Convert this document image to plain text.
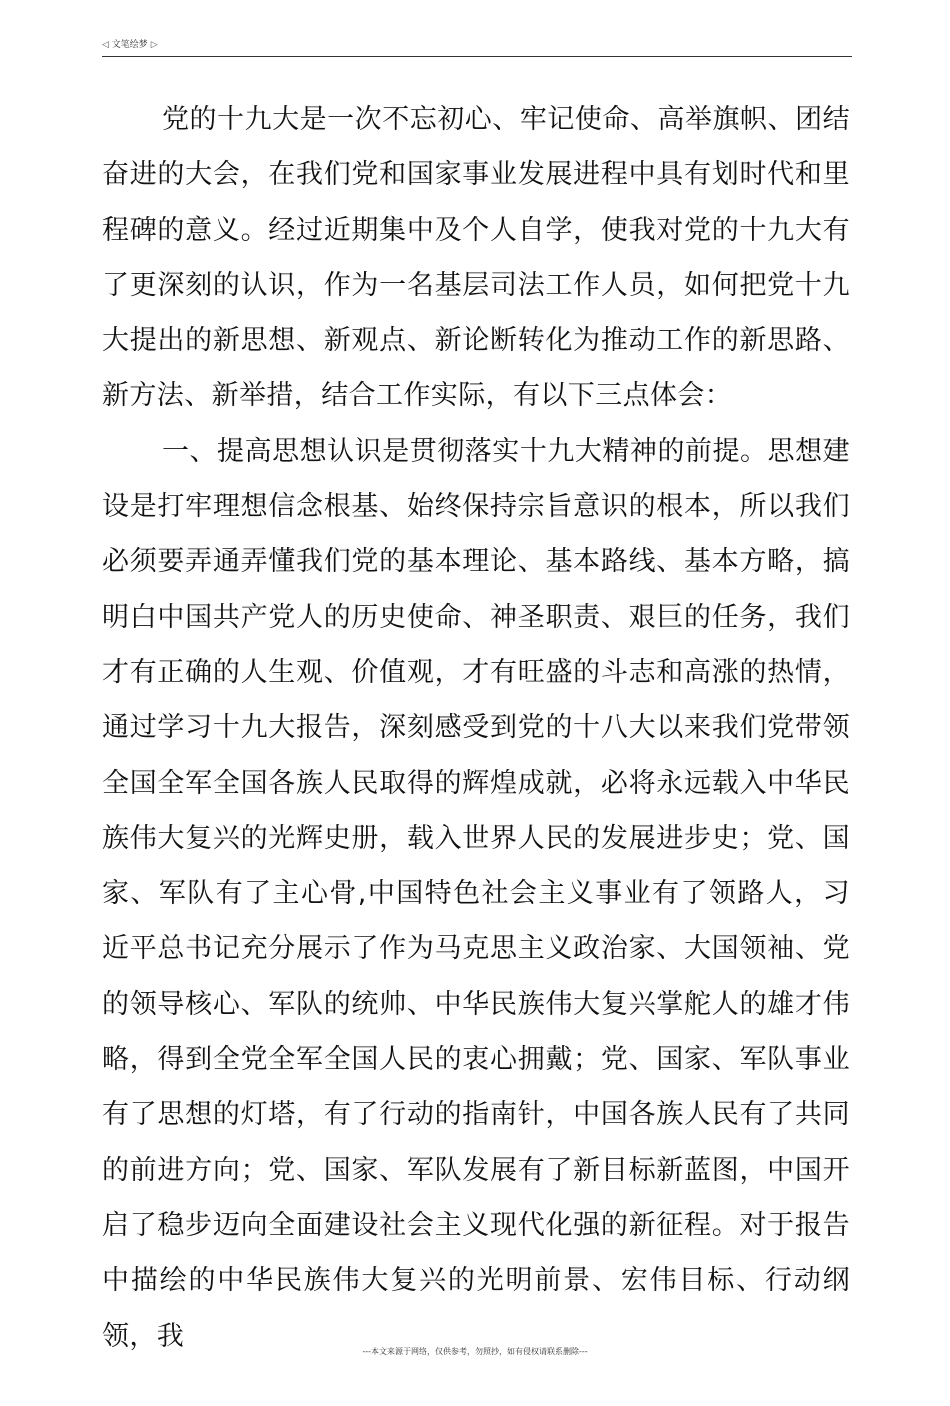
◁ 文笔绘梦 ▷

党的十九大是一次不忘初心、牢记使命、高举旗帜、团结奋进的大会，在我们党和国家事业发展进程中具有划时代和里程碑的意义。经过近期集中及个人自学，使我对党的十九大有了更深刻的认识，作为一名基层司法工作人员，如何把党十九大提出的新思想、新观点、新论断转化为推动工作的新思路、新方法、新举措，结合工作实际，有以下三点体会：

一、提高思想认识是贯彻落实十九大精神的前提。思想建设是打牢理想信念根基、始终保持宗旨意识的根本，所以我们必须要弄通弄懂我们党的基本理论、基本路线、基本方略，搞明白中国共产党人的历史使命、神圣职责、艰巨的任务，我们才有正确的人生观、价值观，才有旺盛的斗志和高涨的热情，通过学习十九大报告，深刻感受到党的十八大以来我们党带领全国全军全国各族人民取得的辉煌成就，必将永远载入中华民族伟大复兴的光辉史册，载入世界人民的发展进步史；党、国家、军队有了主心骨,中国特色社会主义事业有了领路人，习近平总书记充分展示了作为马克思主义政治家、大国领袖、党的领导核心、军队的统帅、中华民族伟大复兴掌舵人的雄才伟略，得到全党全军全国人民的衷心拥戴；党、国家、军队事业有了思想的灯塔，有了行动的指南针，中国各族人民有了共同的前进方向；党、国家、军队发展有了新目标新蓝图，中国开启了稳步迈向全面建设社会主义现代化强的新征程。对于报告中描绘的中华民族伟大复兴的光明前景、宏伟目标、行动纲领，我	---本文来源于网络，仅供参考，勿照抄，如有侵权请联系删除---
